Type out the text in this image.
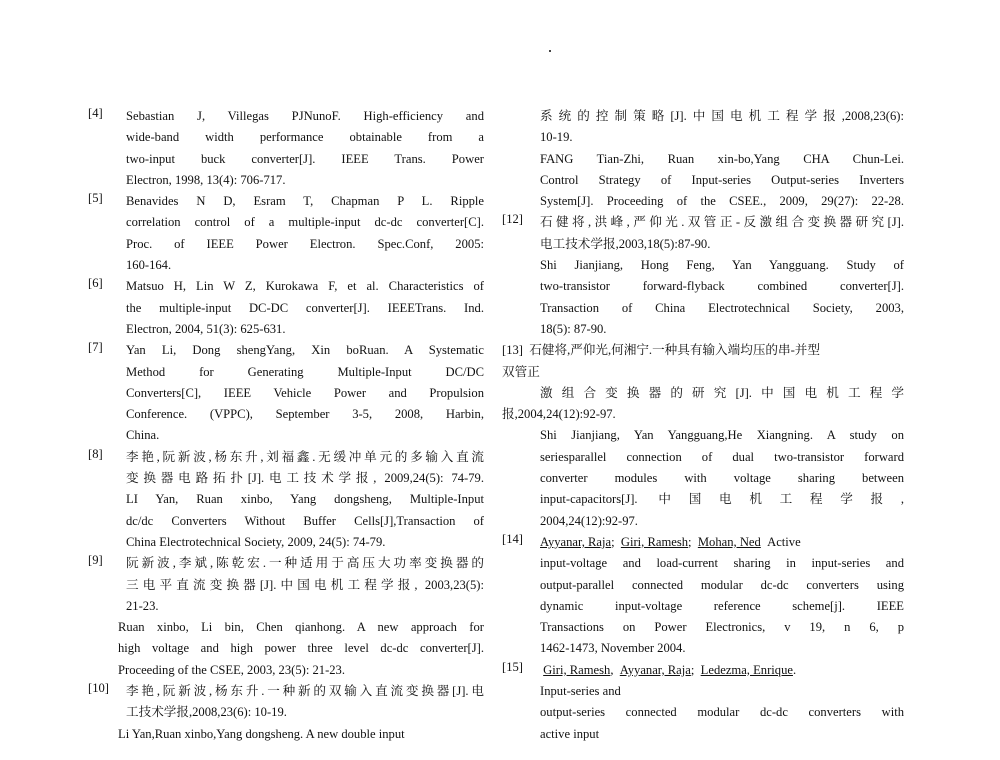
[4] Sebastian J, Villegas PJNunoF. High-efficiency and
wide-band width performance obtainable from a
two-input buck converter[J]. IEEE Trans. Power
Electron, 1998, 13(4): 706-717.
[5] Benavides N D, Esram T, Chapman P L. Ripple
correlation control of a multiple-input dc-dc converter[C].
Proc. of IEEE Power Electron. Spec.Conf, 2005:
160-164.
[6] Matsuo H, Lin W Z, Kurokawa F, et al. Characteristics of
the multiple-input DC-DC converter[J]. IEEETrans. Ind.
Electron, 2004, 51(3): 625-631.
[7] Yan Li, Dong shengYang, Xin boRuan. A Systematic
Method for Generating Multiple-Input DC/DC
Converters[C], IEEE Vehicle Power and Propulsion
Conference. (VPPC), September 3-5, 2008, Harbin,
China.
[8] 李艳,阮新波,杨东升,刘福鑫.无缓冲单元的多输入直流
变换器电路拓扑[J].电工技术学报, 2009,24(5): 74-79.
LI Yan, Ruan xinbo, Yang dongsheng, Multiple-Input
dc/dc Converters Without Buffer Cells[J],Transaction of
China Electrotechnical Society, 2009, 24(5): 74-79.
[9] 阮新波,李斌,陈乾宏.一种适用于高压大功率变换器的
三电平直流变换器[J].中国电机工程学报, 2003,23(5):
21-23.
Ruan xinbo, Li bin, Chen qianhong. A new approach for
high voltage and high power three level dc-dc converter[J].
Proceeding of the CSEE, 2003, 23(5): 21-23.
[10] 李艳,阮新波,杨东升.一种新的双输入直流变换器[J].电
工技术学报,2008,23(6): 10-19.
Li Yan,Ruan xinbo,Yang dongsheng. A new double input
系统的控制策略[J].中国电机工程学报,2008,23(6):
10-19.
FANG Tian-Zhi, Ruan xin-bo,Yang CHA Chun-Lei.
Control Strategy of Input-series Output-series Inverters
System[J]. Proceeding of the CSEE., 2009, 29(27): 22-28.
[12] 石健将,洪峰,严仰光.双管正-反激组合变换器研究[J].
电工技术学报,2003,18(5):87-90.
Shi Jianjiang, Hong Feng, Yan Yangguang. Study of
two-transistor forward-flyback combined converter[J].
Transaction of China Electrotechnical Society, 2003,
18(5): 87-90.
[13] 石健将,严仰光,何湘宁.一种具有输入端均压的串-并型
双管正
激组合变换器的研究[J].中国电机工程学
报,2004,24(12):92-97.
Shi Jianjiang, Yan Yangguang,He Xiangning. A study on
seriesparallel connection of dual two-transistor forward
converter modules with voltage sharing between
input-capacitors[J]. 中国电机工程学报,
2004,24(12):92-97.
[14] Ayyanar, Raja;  Giri, Ramesh;  Mohan, Ned Active
input-voltage and load-current sharing in input-series and
output-parallel connected modular dc-dc converters using
dynamic input-voltage reference scheme[j]. IEEE
Transactions on Power Electronics, v 19, n 6, p
1462-1473, November 2004.
[15] Giri, Ramesh,  Ayyanar, Raja;  Ledezma, Enrique.
Input-series and
output-series connected modular dc-dc converters with
active input
